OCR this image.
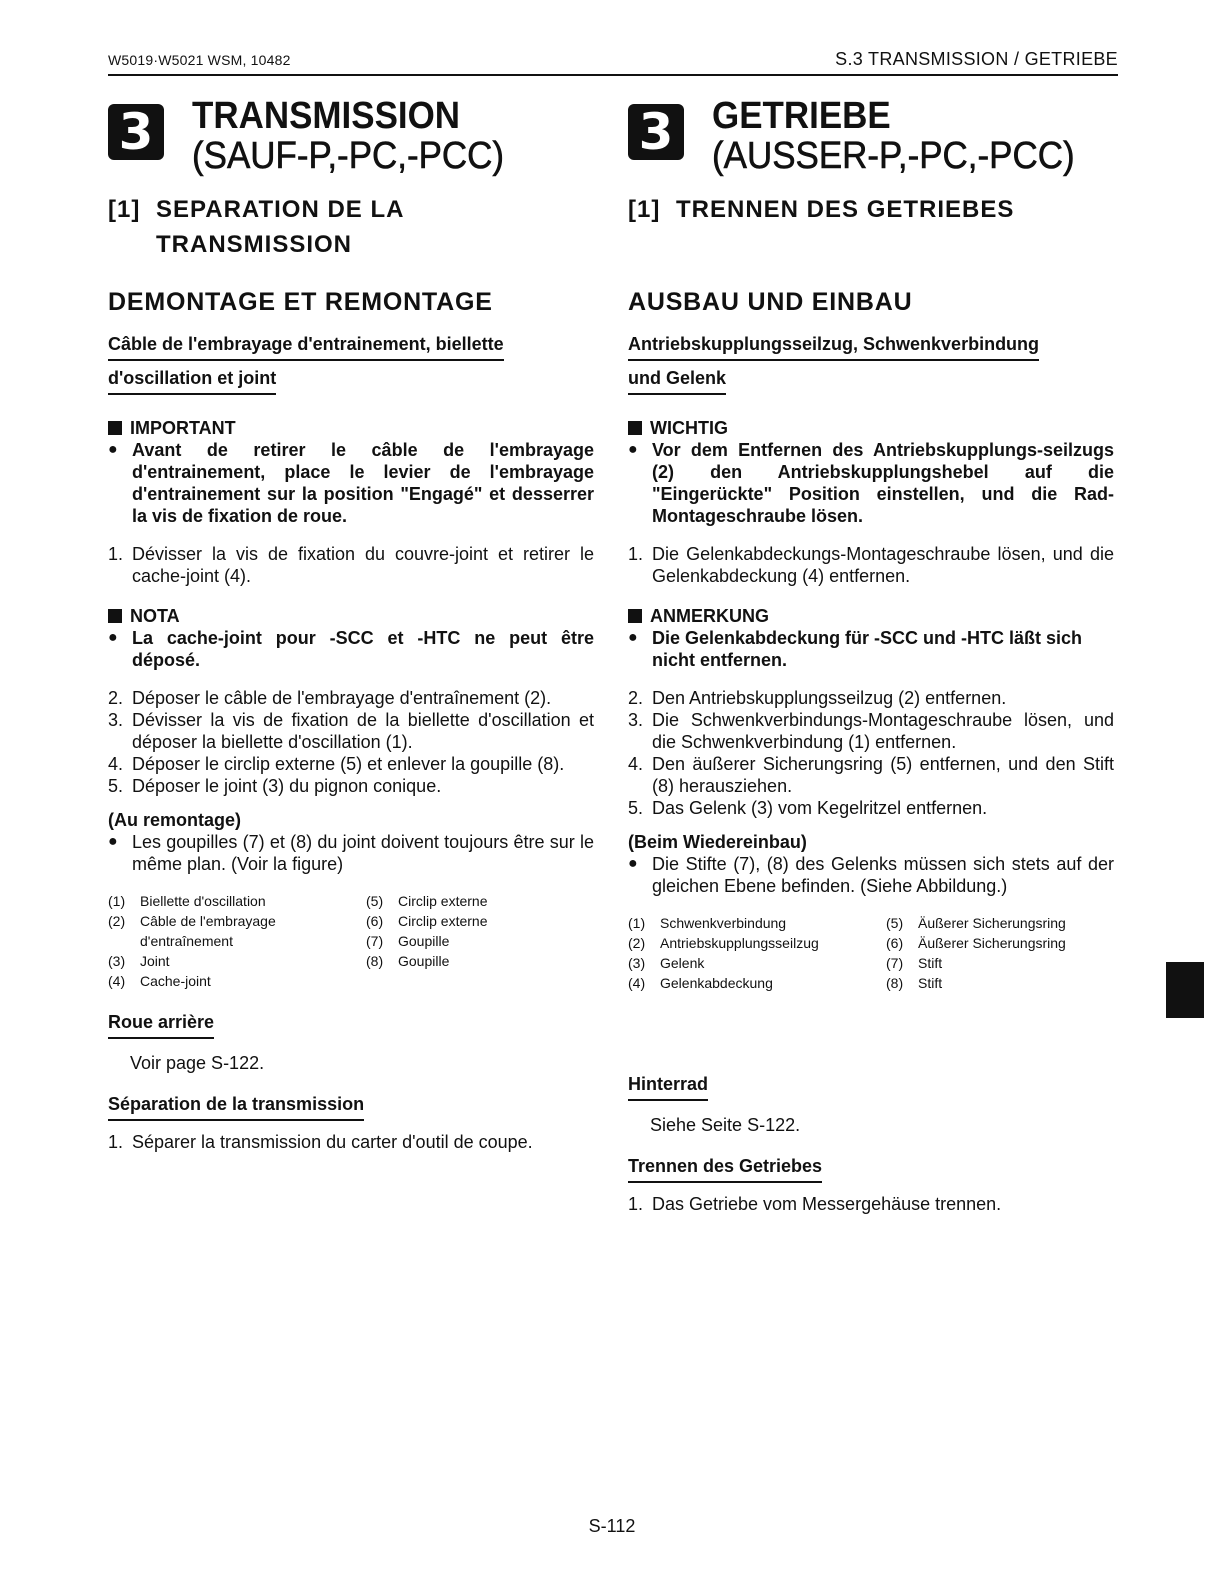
W5019·W5021 WSM, 10482	S.3 TRANSMISSION / GETRIEBE
3 TRANSMISSION
(SAUF-P,-PC,-PCC)
[1] SEPARATION DE LA TRANSMISSION
DEMONTAGE ET REMONTAGE
Câble de l'embrayage d'entrainement, biellette
d'oscillation et joint
IMPORTANT
● Avant de retirer le câble de l'embrayage d'entrainement, place le levier de l'embrayage d'entrainement sur la position "Engagé" et desserrer la vis de fixation de roue.
1. Dévisser la vis de fixation du couvre-joint et retirer le cache-joint (4).
NOTA
● La cache-joint pour -SCC et -HTC ne peut être déposé.
2. Déposer le câble de l'embrayage d'entraînement (2).
3. Dévisser la vis de fixation de la biellette d'oscillation et déposer la biellette d'oscillation (1).
4. Déposer le circlip externe (5) et enlever la goupille (8).
5. Déposer le joint (3) du pignon conique.
(Au remontage)
● Les goupilles (7) et (8) du joint doivent toujours être sur le même plan. (Voir la figure)
(1)	Biellette d'oscillation
(2)	Câble de l'embrayage d'entraînement
(3)	Joint
(4)	Cache-joint
(5)	Circlip externe
(6)	Circlip externe
(7)	Goupille
(8)	Goupille
Roue arrière
Voir page S-122.
Séparation de la transmission
1. Séparer la transmission du carter d'outil de coupe.
3 GETRIEBE
(AUSSER-P,-PC,-PCC)
[1] TRENNEN DES GETRIEBES
AUSBAU UND EINBAU
Antriebskupplungsseilzug, Schwenkverbindung
und Gelenk
WICHTIG
● Vor dem Entfernen des Antriebskupplungs-seilzugs (2) den Antriebskupplungshebel auf die "Eingerückte" Position einstellen, und die Rad-Montageschraube lösen.
1. Die Gelenkabdeckungs-Montageschraube lösen, und die Gelenkabdeckung (4) entfernen.
ANMERKUNG
● Die Gelenkabdeckung für -SCC und -HTC läßt sich nicht entfernen.
2. Den Antriebskupplungsseilzug (2) entfernen.
3. Die Schwenkverbindungs-Montageschraube lösen, und die Schwenkverbindung (1) entfernen.
4. Den äußerer Sicherungsring (5) entfernen, und den Stift (8) herausziehen.
5. Das Gelenk (3) vom Kegelritzel entfernen.
(Beim Wiedereinbau)
● Die Stifte (7), (8) des Gelenks müssen sich stets auf der gleichen Ebene befinden. (Siehe Abbildung.)
(1)	Schwenkverbindung
(2)	Antriebskupplungsseilzug
(3)	Gelenk
(4)	Gelenkabdeckung
(5)	Äußerer Sicherungsring
(6)	Äußerer Sicherungsring
(7)	Stift
(8)	Stift
Hinterrad
Siehe Seite S-122.
Trennen des Getriebes
1. Das Getriebe vom Messergehäuse trennen.
S-112
